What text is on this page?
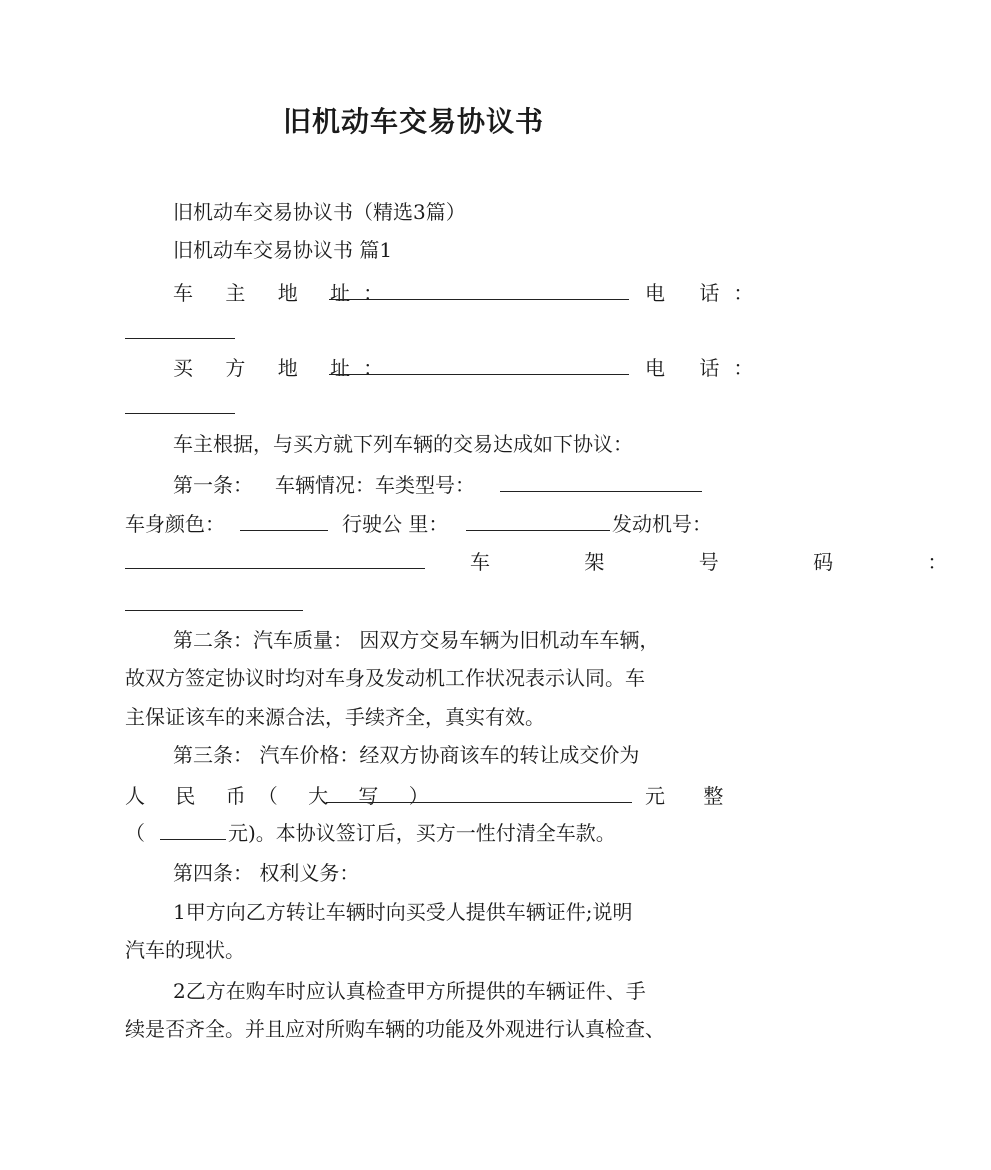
旧机动车交易协议书
旧机动车交易协议书（精选3篇）
旧机动车交易协议书 篇1
车 主 地 址：	电 话：
买 方 地 址：	电 话：
车主根据，与买方就下列车辆的交易达成如下协议：
第一条： 车辆情况：车类型号：
车身颜色：	行驶公 里：	发动机号：
车 架 号 码 ：
第二条：汽车质量： 因双方交易车辆为旧机动车车辆，
故双方签定协议时均对车身及发动机工作状况表示认同。车
主保证该车的来源合法，手续齐全，真实有效。
第三条： 汽车价格：经双方协商该车的转让成交价为
人 民 币（ 大 写 ）	元 整
（	元)。本协议签订后，买方一性付清全车款。
第四条： 权利义务：
1甲方向乙方转让车辆时向买受人提供车辆证件;说明
汽车的现状。
2乙方在购车时应认真检查甲方所提供的车辆证件、手
续是否齐全。并且应对所购车辆的功能及外观进行认真检查、
